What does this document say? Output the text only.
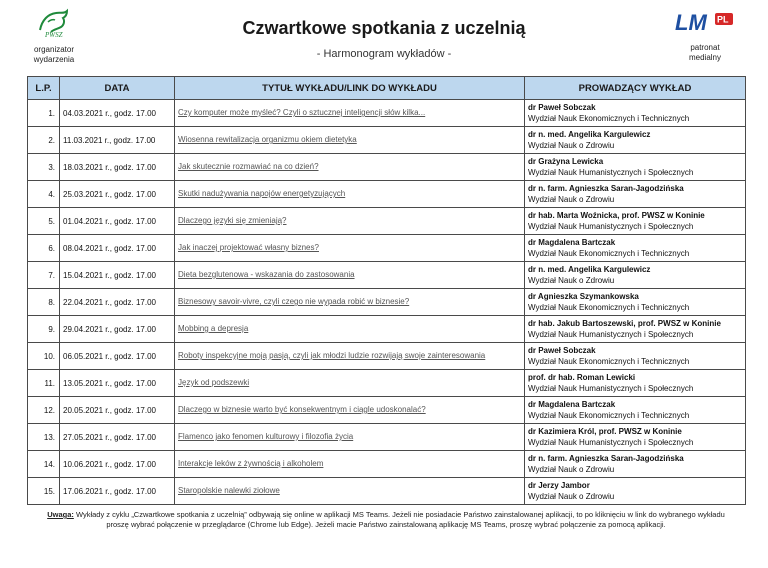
PWSZ
organizator
wydarzenia
Czwartkowe spotkania z uczelnią
- Harmonogram wykładów -
LM PL
patronat
medialny
L.P.	DATA	TYTUŁ WYKŁADU/LINK DO WYKŁADU	PROWADZĄCY WYKŁAD
1.	04.03.2021 r., godz. 17.00	Czy komputer może myśleć? Czyli o sztucznej inteligencji słów kilka...	dr Paweł Sobczak
Wydział Nauk Ekonomicznych i Technicznych

2.	11.03.2021 r., godz. 17.00	Wiosenna rewitalizacja organizmu okiem dietetyka	dr n. med. Angelika Kargulewicz
Wydział Nauk o Zdrowiu

3.	18.03.2021 r., godz. 17.00	Jak skutecznie rozmawiać na co dzień?	dr Grażyna Lewicka
Wydział Nauk Humanistycznych i Społecznych

4.	25.03.2021 r., godz. 17.00	Skutki nadużywania napojów energetyzujących	dr n. farm. Agnieszka Saran-Jagodzińska
Wydział Nauk o Zdrowiu

5.	01.04.2021 r., godz. 17.00	Dlaczego języki się zmieniają?	dr hab. Marta Woźnicka, prof. PWSZ w Koninie
Wydział Nauk Humanistycznych i Społecznych

6.	08.04.2021 r., godz. 17.00	Jak inaczej projektować własny biznes?	dr Magdalena Bartczak
Wydział Nauk Ekonomicznych i Technicznych

7.	15.04.2021 r., godz. 17.00	Dieta bezglutenowa - wskazania do zastosowania	dr n. med. Angelika Kargulewicz
Wydział Nauk o Zdrowiu

8.	22.04.2021 r., godz. 17.00	Biznesowy savoir-vivre, czyli czego nie wypada robić w biznesie?	dr Agnieszka Szymankowska
Wydział Nauk Ekonomicznych i Technicznych

9.	29.04.2021 r., godz. 17.00	Mobbing a depresja	dr hab. Jakub Bartoszewski, prof. PWSZ w Koninie
Wydział Nauk Humanistycznych i Społecznych

10.	06.05.2021 r., godz. 17.00	Roboty inspekcyjne moją pasją, czyli jak młodzi ludzie rozwijają swoje zainteresowania	dr Paweł Sobczak
Wydział Nauk Ekonomicznych i Technicznych

11.	13.05.2021 r., godz. 17.00	Język od podszewki	prof. dr hab. Roman Lewicki
Wydział Nauk Humanistycznych i Społecznych

12.	20.05.2021 r., godz. 17.00	Dlaczego w biznesie warto być konsekwentnym i ciągle udoskonalać?	dr Magdalena Bartczak
Wydział Nauk Ekonomicznych i Technicznych

13.	27.05.2021 r., godz. 17.00	Flamenco jako fenomen kulturowy i filozofia życia	dr Kazimiera Król, prof. PWSZ w Koninie
Wydział Nauk Humanistycznych i Społecznych

14.	10.06.2021 r., godz. 17.00	Interakcje leków z żywnością i alkoholem	dr n. farm. Agnieszka Saran-Jagodzińska
Wydział Nauk o Zdrowiu

15.	17.06.2021 r., godz. 17.00	Staropolskie nalewki ziołowe	dr Jerzy Jambor
Wydział Nauk o Zdrowiu
Uwaga: Wykłady z cyklu „Czwartkowe spotkania z uczelnią” odbywają się online w aplikacji MS Teams. Jeżeli nie posiadacie Państwo zainstalowanej aplikacji, to po kliknięciu w link do wybranego wykładu proszę wybrać połączenie w przeglądarce (Chrome lub Edge). Jeżeli macie Państwo zainstalowaną aplikację MS Teams, proszę wybrać połączenie za pomocą aplikacji.
